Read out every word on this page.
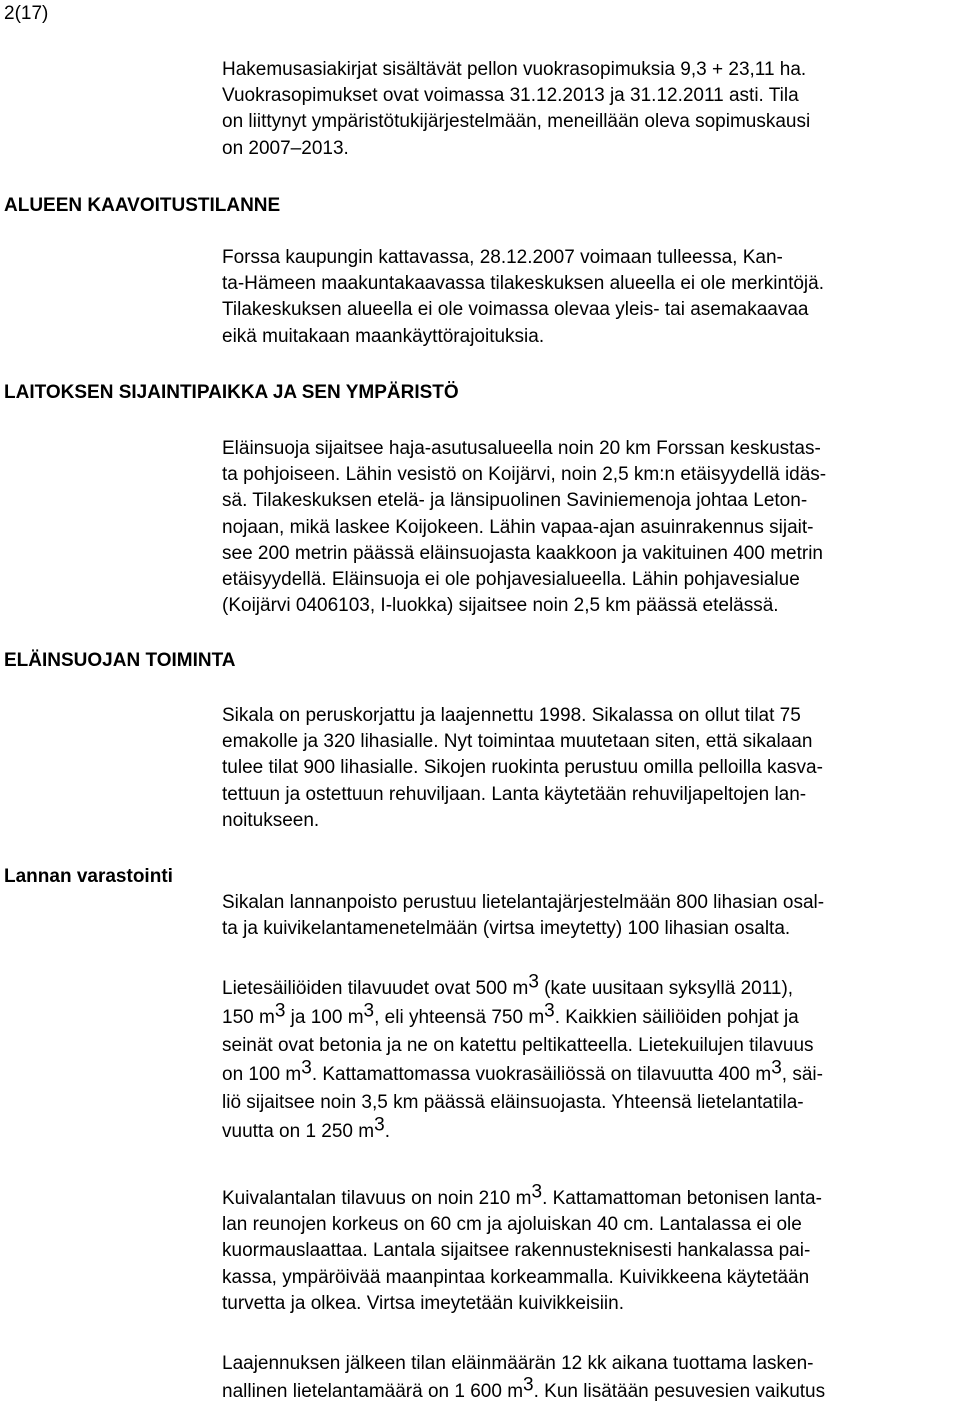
2(17)

Hakemusasiakirjat sisältävät pellon vuokrasopimuksia 9,3 + 23,11 ha.
Vuokrasopimukset ovat voimassa 31.12.2013 ja 31.12.2011 asti. Tila
on liittynyt ympäristötukijärjestelmään, meneillään oleva sopimuskausi
on 2007–2013.

ALUEEN KAAVOITUSTILANNE

Forssa kaupungin kattavassa, 28.12.2007 voimaan tulleessa, Kan-
ta-Hämeen maakuntakaavassa tilakeskuksen alueella ei ole merkintöjä.
Tilakeskuksen alueella ei ole voimassa olevaa yleis- tai asemakaavaa
eikä muitakaan maankäyttörajoituksia.

LAITOKSEN SIJAINTIPAIKKA JA SEN YMPÄRISTÖ

Eläinsuoja sijaitsee haja-asutusalueella noin 20 km Forssan keskustas-
ta pohjoiseen. Lähin vesistö on Koijärvi, noin 2,5 km:n etäisyydellä idäs-
sä. Tilakeskuksen etelä- ja länsipuolinen Saviniemenoja johtaa Leton-
nojaan, mikä laskee Koijokeen. Lähin vapaa-ajan asuinrakennus sijait-
see 200 metrin päässä eläinsuojasta kaakkoon ja vakituinen 400 metrin
etäisyydellä. Eläinsuoja ei ole pohjavesialueella. Lähin pohjavesialue
(Koijärvi 0406103, I-luokka) sijaitsee noin 2,5 km päässä etelässä.

ELÄINSUOJAN TOIMINTA

Sikala on peruskorjattu ja laajennettu 1998. Sikalassa on ollut tilat 75
emakolle ja 320 lihasialle. Nyt toimintaa muutetaan siten, että sikalaan
tulee tilat 900 lihasialle. Sikojen ruokinta perustuu omilla pelloilla kasva-
tettuun ja ostettuun rehuviljaan. Lanta käytetään rehuviljapeltojen lan-
noitukseen.

Lannan varastointi

Sikalan lannanpoisto perustuu lietelantajärjestelmään 800 lihasian osal-
ta ja kuivikelantamenetelmään (virtsa imeytetty) 100 lihasian osalta.

Lietesäiliöiden tilavuudet ovat 500 $m^3$ (kate uusitaan syksyllä 2011),
150 $m^3$ ja 100 $m^3$, eli yhteensä 750 $m^3$. Kaikkien säiliöiden pohjat ja
seinät ovat betonia ja ne on katettu peltikatteella. Lietekuilujen tilavuus
on 100 $m^3$. Kattamattomassa vuokrasäiliössä on tilavuutta 400 $m^3$, säi-
liö sijaitsee noin 3,5 km päässä eläinsuojasta. Yhteensä lietelantatila-
vuutta on 1 250 $m^3$.

Kuivalantalan tilavuus on noin 210 $m^3$. Kattamattoman betonisen lanta-
lan reunojen korkeus on 60 cm ja ajoluiskan 40 cm. Lantalassa ei ole
kuormauslaattaa. Lantala sijaitsee rakennusteknisesti hankalassa pai-
kassa, ympäröivää maanpintaa korkeammalla. Kuivikkeena käytetään
turvetta ja olkea. Virtsa imeytetään kuivikkeisiin.

Laajennuksen jälkeen tilan eläinmäärän 12 kk aikana tuottama lasken-
nallinen lietelantamäärä on 1 600 $m^3$. Kun lisätään pesuvesien vaikutus
